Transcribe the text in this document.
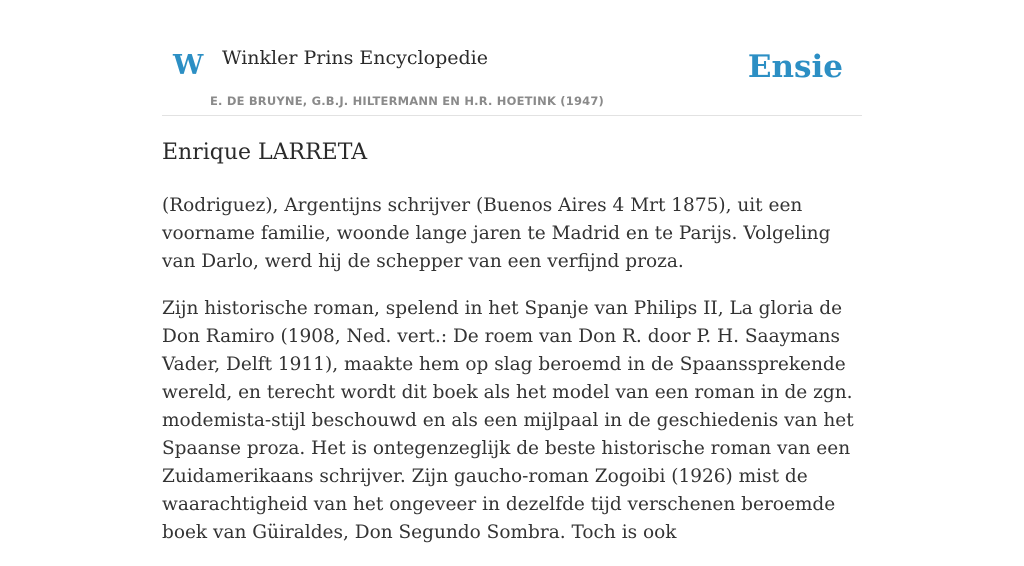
W Winkler Prins Encyclopedie	Ensie
E. DE BRUYNE, G.B.J. HILTERMANN EN H.R. HOETINK (1947)
Enrique LARRETA

(Rodriguez), Argentijns schrijver (Buenos Aires 4 Mrt 1875), uit een voorname familie, woonde lange jaren te Madrid en te Parijs. Volgeling van Darlo, werd hij de schepper van een verfijnd proza.

Zijn historische roman, spelend in het Spanje van Philips II, La gloria de Don Ramiro (1908, Ned. vert.: De roem van Don R. door P. H. Saaymans Vader, Delft 1911), maakte hem op slag beroemd in de Spaanssprekende wereld, en terecht wordt dit boek als het model van een roman in de zgn. modemista-stijl beschouwd en als een mijlpaal in de geschiedenis van het Spaanse proza. Het is ontegenzeglijk de beste historische roman van een Zuidamerikaans schrijver. Zijn gaucho-roman Zogoibi (1926) mist de waarachtigheid van het ongeveer in dezelfde tijd verschenen beroemde boek van Güiraldes, Don Segundo Sombra. Toch is ook
